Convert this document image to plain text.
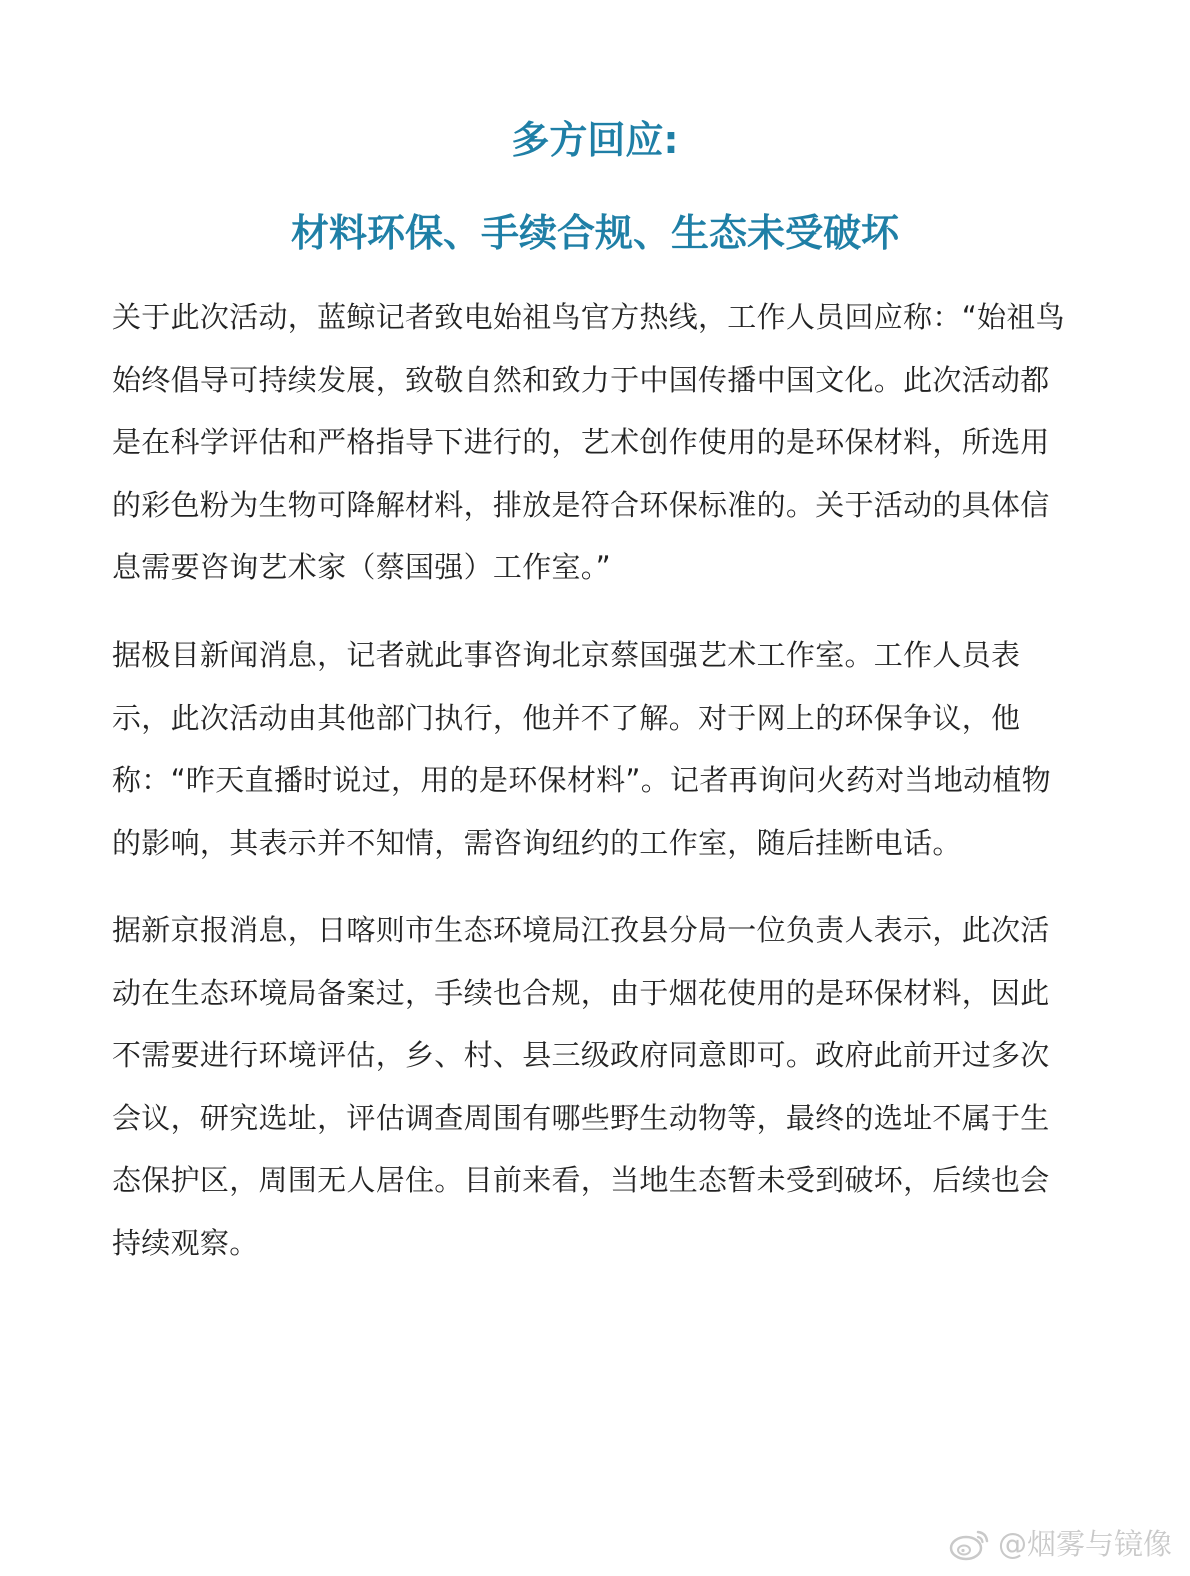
多方回应:
材料环保、手续合规、生态未受破坏

关于此次活动，蓝鲸记者致电始祖鸟官方热线，工作人员回应称：“始祖鸟始终倡导可持续发展，致敬自然和致力于中国传播中国文化。此次活动都是在科学评估和严格指导下进行的，艺术创作使用的是环保材料，所选用的彩色粉为生物可降解材料，排放是符合环保标准的。关于活动的具体信息需要咨询艺术家（蔡国强）工作室。”

据极目新闻消息，记者就此事咨询北京蔡国强艺术工作室。工作人员表示，此次活动由其他部门执行，他并不了解。对于网上的环保争议，他称：“昨天直播时说过，用的是环保材料”。记者再询问火药对当地动植物的影响，其表示并不知情，需咨询纽约的工作室，随后挂断电话。

据新京报消息，日喀则市生态环境局江孜县分局一位负责人表示，此次活动在生态环境局备案过，手续也合规，由于烟花使用的是环保材料，因此不需要进行环境评估，乡、村、县三级政府同意即可。政府此前开过多次会议，研究选址，评估调查周围有哪些野生动物等，最终的选址不属于生态保护区，周围无人居住。目前来看，当地生态暂未受到破坏，后续也会持续观察。

@烟雾与镜像
